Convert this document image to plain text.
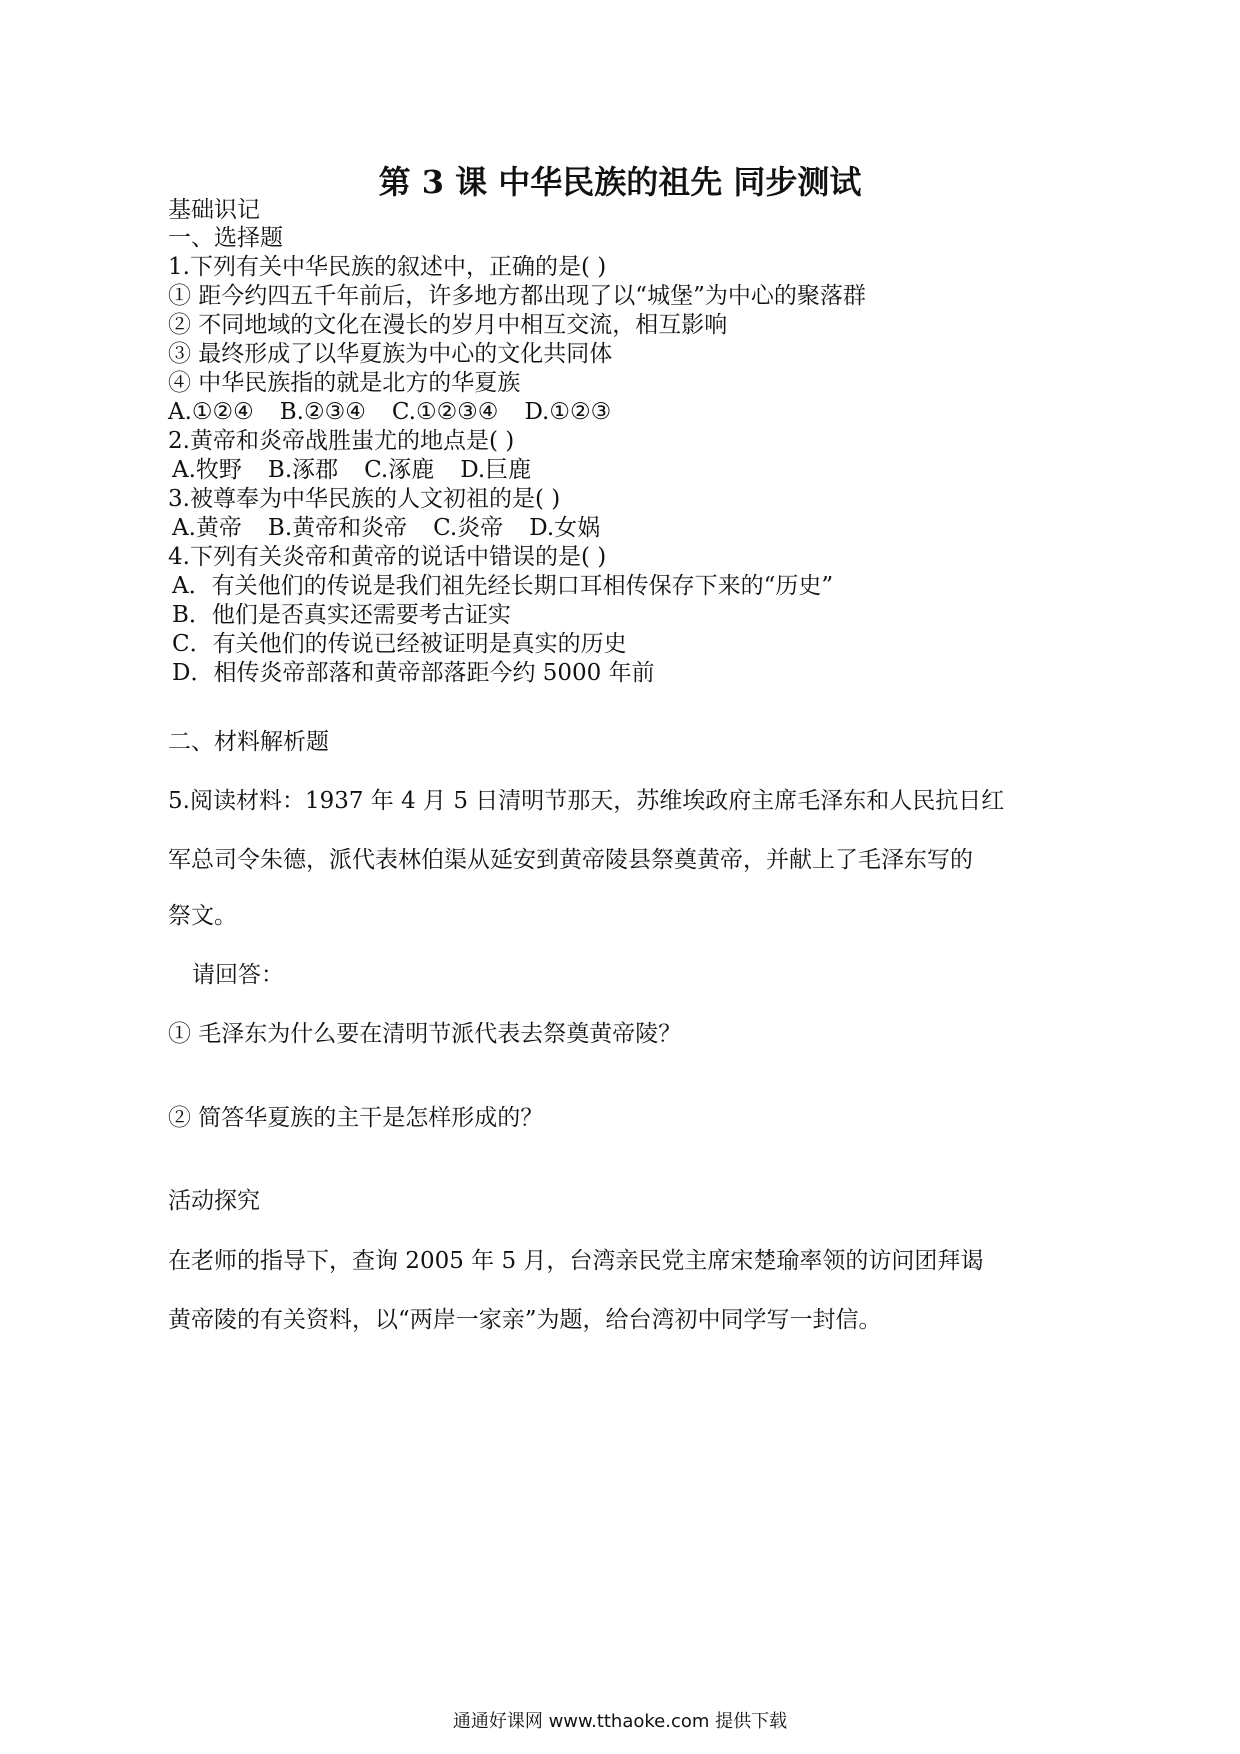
第 3 课 中华民族的祖先 同步测试
基础识记
一、选择题
1.下列有关中华民族的叙述中，正确的是( )
① 距今约四五千年前后，许多地方都出现了以“城堡”为中心的聚落群
② 不同地域的文化在漫长的岁月中相互交流，相互影响
③ 最终形成了以华夏族为中心的文化共同体
④ 中华民族指的就是北方的华夏族
A.①②④ B.②③④ C.①②③④ D.①②③
2.黄帝和炎帝战胜蚩尤的地点是( )
A.牧野 B.涿郡 C.涿鹿 D.巨鹿
3.被尊奉为中华民族的人文初祖的是( )
A.黄帝 B.黄帝和炎帝 C.炎帝 D.女娲
4.下列有关炎帝和黄帝的说话中错误的是( )
A．有关他们的传说是我们祖先经长期口耳相传保存下来的“历史”
B．他们是否真实还需要考古证实
C．有关他们的传说已经被证明是真实的历史
D．相传炎帝部落和黄帝部落距今约 5000 年前
二、材料解析题
5.阅读材料：1937 年 4 月 5 日清明节那天，苏维埃政府主席毛泽东和人民抗日红
军总司令朱德，派代表林伯渠从延安到黄帝陵县祭奠黄帝，并献上了毛泽东写的
祭文。
请回答：
① 毛泽东为什么要在清明节派代表去祭奠黄帝陵？
② 简答华夏族的主干是怎样形成的？
活动探究
在老师的指导下，查询 2005 年 5 月，台湾亲民党主席宋楚瑜率领的访问团拜谒
黄帝陵的有关资料，以“两岸一家亲”为题，给台湾初中同学写一封信。
通通好课网 www.tthaoke.com 提供下载
